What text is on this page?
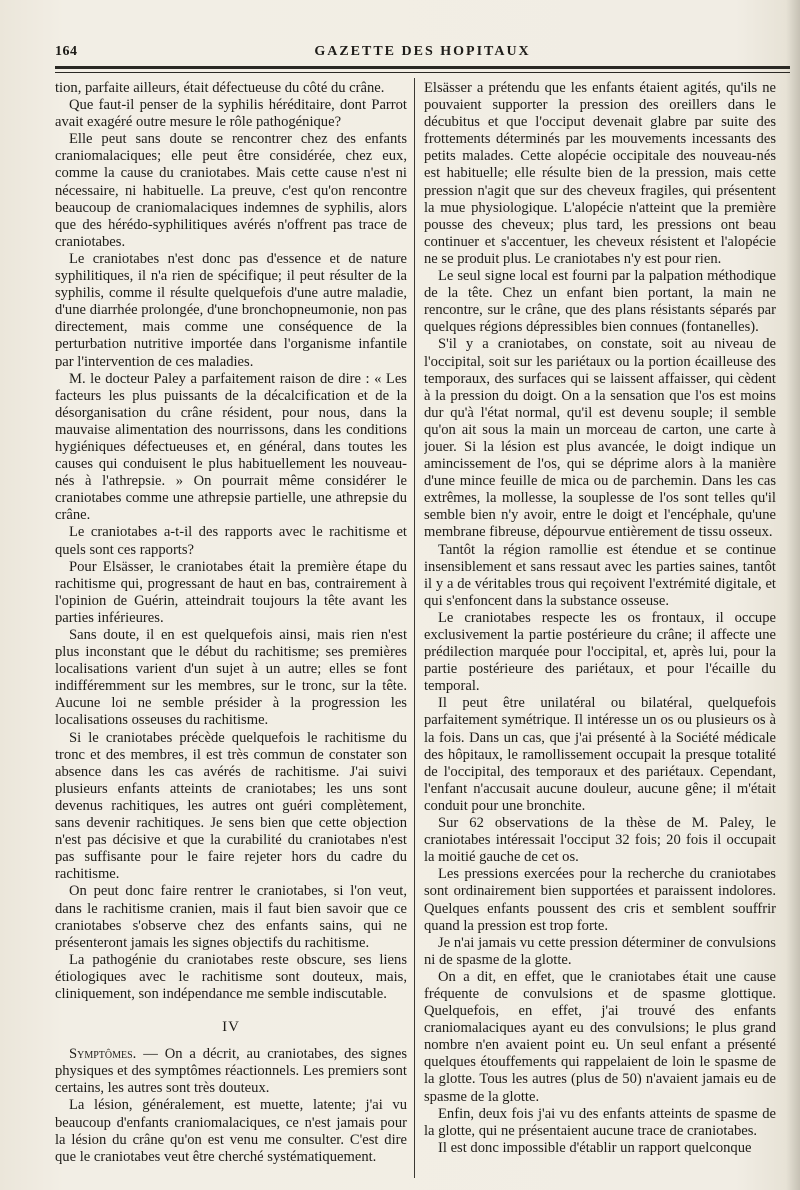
164	GAZETTE DES HOPITAUX

tion, parfaite ailleurs, était défectueuse du côté du crâne.

Que faut-il penser de la syphilis héréditaire, dont Parrot avait exagéré outre mesure le rôle pathogénique?

Elle peut sans doute se rencontrer chez des enfants craniomalaciques; elle peut être considérée, chez eux, comme la cause du craniotabes. Mais cette cause n'est ni nécessaire, ni habituelle. La preuve, c'est qu'on rencontre beaucoup de craniomalaciques indemnes de syphilis, alors que des hérédo-syphilitiques avérés n'offrent pas trace de craniotabes.

Le craniotabes n'est donc pas d'essence et de nature syphilitiques, il n'a rien de spécifique; il peut résulter de la syphilis, comme il résulte quelquefois d'une autre maladie, d'une diarrhée prolongée, d'une bronchopneumonie, non pas directement, mais comme une conséquence de la perturbation nutritive importée dans l'organisme infantile par l'intervention de ces maladies.

M. le docteur Paley a parfaitement raison de dire : « Les facteurs les plus puissants de la décalcification et de la désorganisation du crâne résident, pour nous, dans la mauvaise alimentation des nourrissons, dans les conditions hygiéniques défectueuses et, en général, dans toutes les causes qui conduisent le plus habituellement les nouveau-nés à l'athrepsie. » On pourrait même considérer le craniotabes comme une athrepsie partielle, une athrepsie du crâne.

Le craniotabes a-t-il des rapports avec le rachitisme et quels sont ces rapports?

Pour Elsässer, le craniotabes était la première étape du rachitisme qui, progressant de haut en bas, contrairement à l'opinion de Guérin, atteindrait toujours la tête avant les parties inférieures.

Sans doute, il en est quelquefois ainsi, mais rien n'est plus inconstant que le début du rachitisme; ses premières localisations varient d'un sujet à un autre; elles se font indifféremment sur les membres, sur le tronc, sur la tête. Aucune loi ne semble présider à la progression les localisations osseuses du rachitisme.

Si le craniotabes précède quelquefois le rachitisme du tronc et des membres, il est très commun de constater son absence dans les cas avérés de rachitisme. J'ai suivi plusieurs enfants atteints de craniotabes; les uns sont devenus rachitiques, les autres ont guéri complètement, sans devenir rachitiques. Je sens bien que cette objection n'est pas décisive et que la curabilité du craniotabes n'est pas suffisante pour le faire rejeter hors du cadre du rachitisme.

On peut donc faire rentrer le craniotabes, si l'on veut, dans le rachitisme cranien, mais il faut bien savoir que ce craniotabes s'observe chez des enfants sains, qui ne présenteront jamais les signes objectifs du rachitisme.

La pathogénie du craniotabes reste obscure, ses liens étiologiques avec le rachitisme sont douteux, mais, cliniquement, son indépendance me semble indiscutable.

IV

Symptômes. — On a décrit, au craniotabes, des signes physiques et des symptômes réactionnels. Les premiers sont certains, les autres sont très douteux.

La lésion, généralement, est muette, latente; j'ai vu beaucoup d'enfants craniomalaciques, ce n'est jamais pour la lésion du crâne qu'on est venu me consulter. C'est dire que le craniotabes veut être cherché systématiquement.

Elsässer a prétendu que les enfants étaient agités, qu'ils ne pouvaient supporter la pression des oreillers dans le décubitus et que l'occiput devenait glabre par suite des frottements déterminés par les mouvements incessants des petits malades. Cette alopécie occipitale des nouveau-nés est habituelle; elle résulte bien de la pression, mais cette pression n'agit que sur des cheveux fragiles, qui présentent la mue physiologique. L'alopécie n'atteint que la première pousse des cheveux; plus tard, les pressions ont beau continuer et s'accentuer, les cheveux résistent et l'alopécie ne se produit plus. Le craniotabes n'y est pour rien.

Le seul signe local est fourni par la palpation méthodique de la tête. Chez un enfant bien portant, la main ne rencontre, sur le crâne, que des plans résistants séparés par quelques régions dépressibles bien connues (fontanelles).

S'il y a craniotabes, on constate, soit au niveau de l'occipital, soit sur les pariétaux ou la portion écailleuse des temporaux, des surfaces qui se laissent affaisser, qui cèdent à la pression du doigt. On a la sensation que l'os est moins dur qu'à l'état normal, qu'il est devenu souple; il semble qu'on ait sous la main un morceau de carton, une carte à jouer. Si la lésion est plus avancée, le doigt indique un amincissement de l'os, qui se déprime alors à la manière d'une mince feuille de mica ou de parchemin. Dans les cas extrêmes, la mollesse, la souplesse de l'os sont telles qu'il semble bien n'y avoir, entre le doigt et l'encéphale, qu'une membrane fibreuse, dépourvue entièrement de tissu osseux.

Tantôt la région ramollie est étendue et se continue insensiblement et sans ressaut avec les parties saines, tantôt il y a de véritables trous qui reçoivent l'extrémité digitale, et qui s'enfoncent dans la substance osseuse.

Le craniotabes respecte les os frontaux, il occupe exclusivement la partie postérieure du crâne; il affecte une prédilection marquée pour l'occipital, et, après lui, pour la partie postérieure des pariétaux, et pour l'écaille du temporal.

Il peut être unilatéral ou bilatéral, quelquefois parfaitement symétrique. Il intéresse un os ou plusieurs os à la fois. Dans un cas, que j'ai présenté à la Société médicale des hôpitaux, le ramollissement occupait la presque totalité de l'occipital, des temporaux et des pariétaux. Cependant, l'enfant n'accusait aucune douleur, aucune gêne; il m'était conduit pour une bronchite.

Sur 62 observations de la thèse de M. Paley, le craniotabes intéressait l'occiput 32 fois; 20 fois il occupait la moitié gauche de cet os.

Les pressions exercées pour la recherche du craniotabes sont ordinairement bien supportées et paraissent indolores. Quelques enfants poussent des cris et semblent souffrir quand la pression est trop forte.

Je n'ai jamais vu cette pression déterminer de convulsions ni de spasme de la glotte.

On a dit, en effet, que le craniotabes était une cause fréquente de convulsions et de spasme glottique. Quelquefois, en effet, j'ai trouvé des enfants craniomalaciques ayant eu des convulsions; le plus grand nombre n'en avaient point eu. Un seul enfant a présenté quelques étouffements qui rappelaient de loin le spasme de la glotte. Tous les autres (plus de 50) n'avaient jamais eu de spasme de la glotte.

Enfin, deux fois j'ai vu des enfants atteints de spasme de la glotte, qui ne présentaient aucune trace de craniotabes.

Il est donc impossible d'établir un rapport quelconque
